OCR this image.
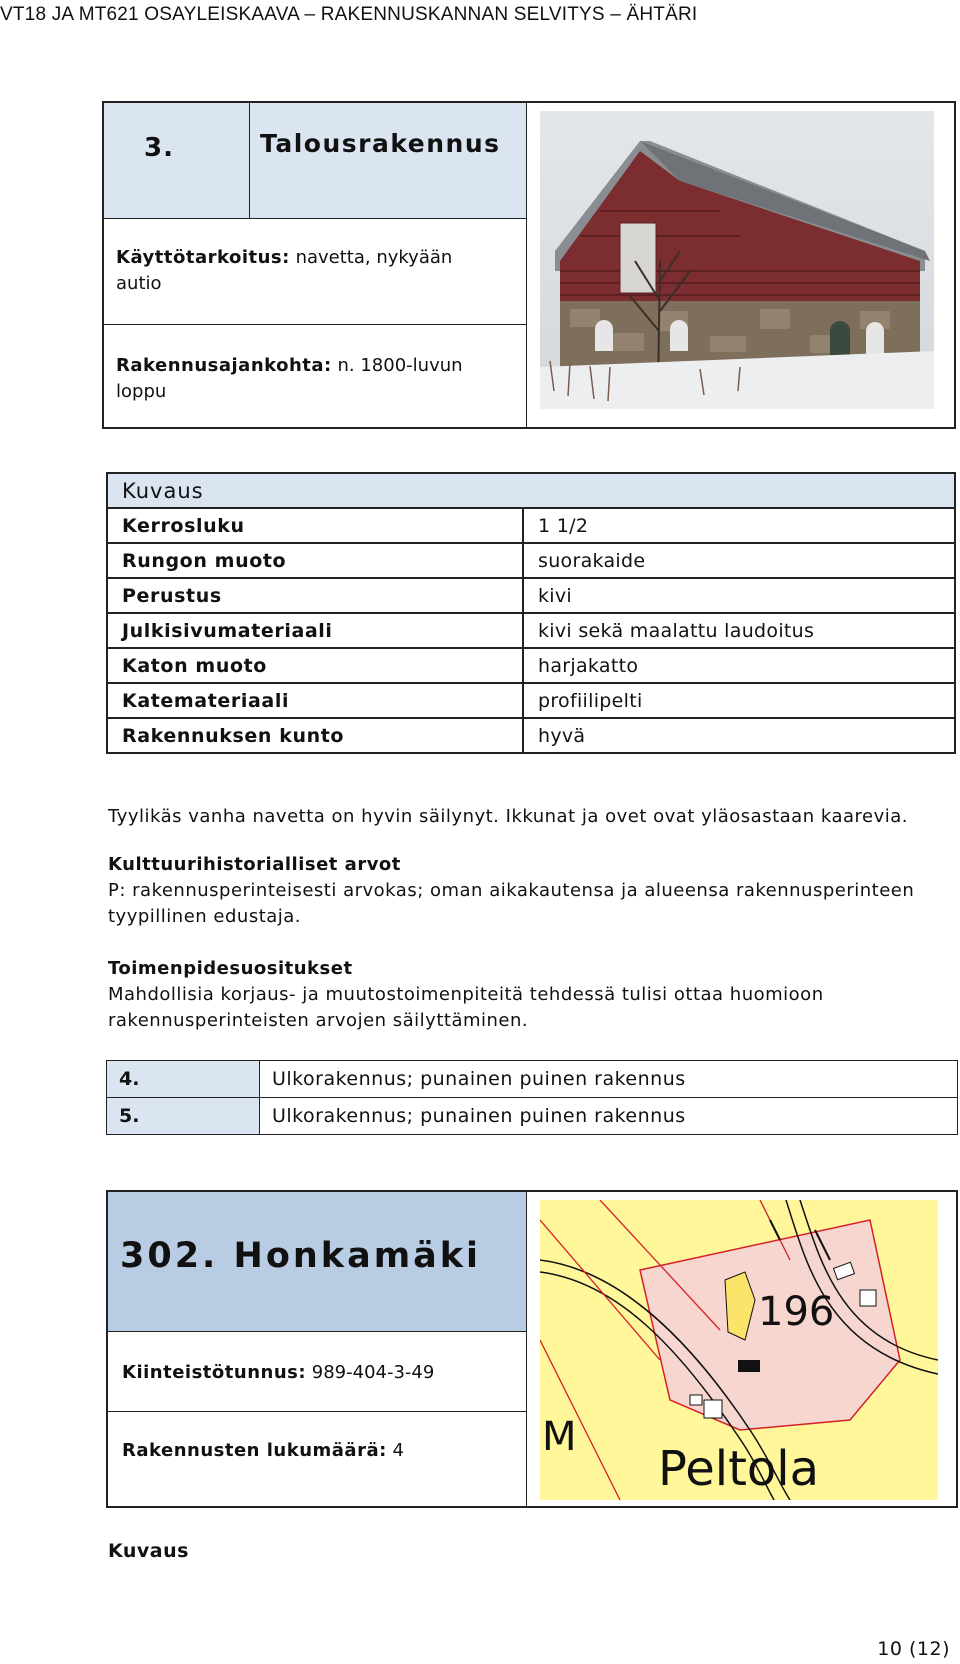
VT18 JA MT621 OSAYLEISKAAVA – RAKENNUSKANNAN SELVITYS – ÄHTÄRI
3.	Talousrakennus
Käyttötarkoitus: navetta, nykyään autio
Rakennusajankohta: n. 1800-luvun loppu
Kuvaus	
Kerrosluku	1 1/2
Rungon muoto	suorakaide
Perustus	kivi
Julkisivumateriaali	kivi sekä maalattu laudoitus
Katon muoto	harjakatto
Katemateriaali	profiilipelti
Rakennuksen kunto	hyvä
Tyylikäs vanha navetta on hyvin säilynyt. Ikkunat ja ovet ovat yläosastaan kaarevia.
Kulttuurihistorialliset arvot
P: rakennusperinteisesti arvokas; oman aikakautensa ja alueensa rakennusperinteen tyypillinen edustaja.
Toimenpidesuositukset
Mahdollisia korjaus- ja muutostoimenpiteitä tehdessä tulisi ottaa huomioon rakennusperinteisten arvojen säilyttäminen.
4.	Ulkorakennus; punainen puinen rakennus
5.	Ulkorakennus; punainen puinen rakennus
302. Honkamäki
Kiinteistötunnus: 989-404-3-49
Rakennusten lukumäärä: 4
196
Peltola
M
Kuvaus
10 (12)
